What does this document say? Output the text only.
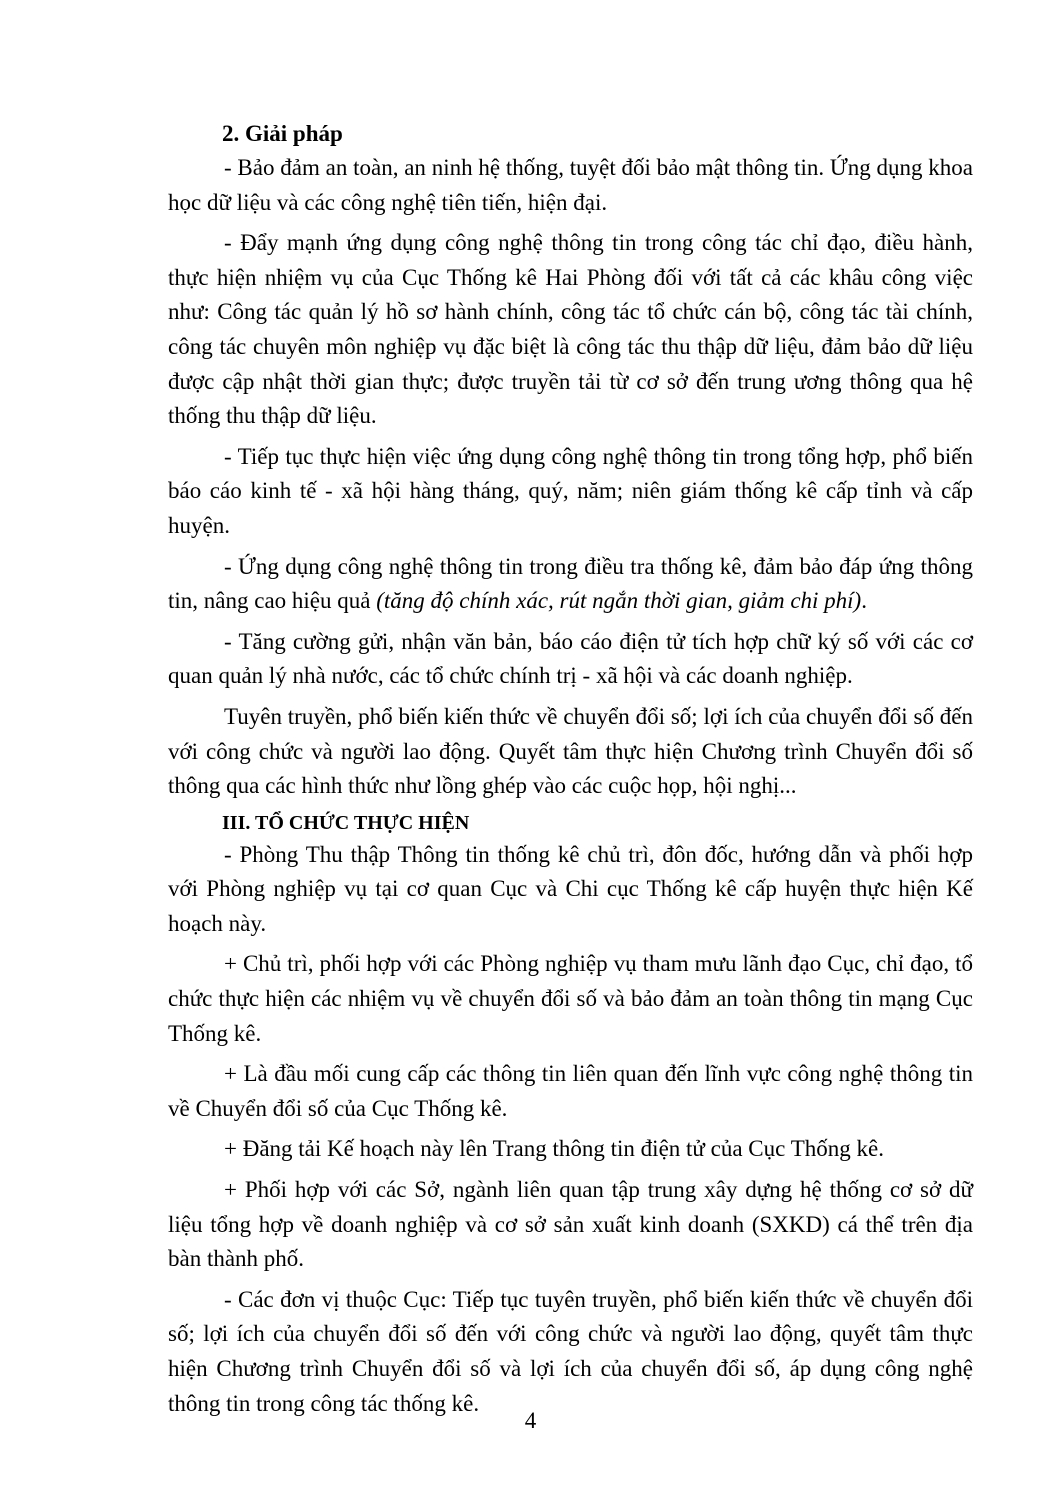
2. Giải pháp

- Bảo đảm an toàn, an ninh hệ thống, tuyệt đối bảo mật thông tin. Ứng dụng khoa học dữ liệu và các công nghệ tiên tiến, hiện đại.

- Đẩy mạnh ứng dụng công nghệ thông tin trong công tác chỉ đạo, điều hành, thực hiện nhiệm vụ của Cục Thống kê Hai Phòng đối với tất cả các khâu công việc như: Công tác quản lý hồ sơ hành chính, công tác tổ chức cán bộ, công tác tài chính, công tác chuyên môn nghiệp vụ đặc biệt là công tác thu thập dữ liệu, đảm bảo dữ liệu được cập nhật thời gian thực; được truyền tải từ cơ sở đến trung ương thông qua hệ thống thu thập dữ liệu.

- Tiếp tục thực hiện việc ứng dụng công nghệ thông tin trong tổng hợp, phổ biến báo cáo kinh tế - xã hội hàng tháng, quý, năm; niên giám thống kê cấp tỉnh và cấp huyện.

- Ứng dụng công nghệ thông tin trong điều tra thống kê, đảm bảo đáp ứng thông tin, nâng cao hiệu quả (tăng độ chính xác, rút ngắn thời gian, giảm chi phí).

- Tăng cường gửi, nhận văn bản, báo cáo điện tử tích hợp chữ ký số với các cơ quan quản lý nhà nước, các tổ chức chính trị - xã hội và các doanh nghiệp.

Tuyên truyền, phổ biến kiến thức về chuyển đổi số; lợi ích của chuyển đổi số đến với công chức và người lao động. Quyết tâm thực hiện Chương trình Chuyển đổi số thông qua các hình thức như lồng ghép vào các cuộc họp, hội nghị...

III. TỔ CHỨC THỰC HIỆN

- Phòng Thu thập Thông tin thống kê chủ trì, đôn đốc, hướng dẫn và phối hợp với Phòng nghiệp vụ tại cơ quan Cục và Chi cục Thống kê cấp huyện thực hiện Kế hoạch này.

+ Chủ trì, phối hợp với các Phòng nghiệp vụ tham mưu lãnh đạo Cục, chỉ đạo, tổ chức thực hiện các nhiệm vụ về chuyển đổi số và bảo đảm an toàn thông tin mạng Cục Thống kê.

+ Là đầu mối cung cấp các thông tin liên quan đến lĩnh vực công nghệ thông tin về Chuyển đổi số của Cục Thống kê.

+ Đăng tải Kế hoạch này lên Trang thông tin điện tử của Cục Thống kê.

+ Phối hợp với các Sở, ngành liên quan tập trung xây dựng hệ thống cơ sở dữ liệu tổng hợp về doanh nghiệp và cơ sở sản xuất kinh doanh (SXKD) cá thể trên địa bàn thành phố.

- Các đơn vị thuộc Cục: Tiếp tục tuyên truyền, phổ biến kiến thức về chuyển đổi số; lợi ích của chuyển đổi số đến với công chức và người lao động, quyết tâm thực hiện Chương trình Chuyển đổi số và lợi ích của chuyển đổi số, áp dụng công nghệ thông tin trong công tác thống kê.

4
